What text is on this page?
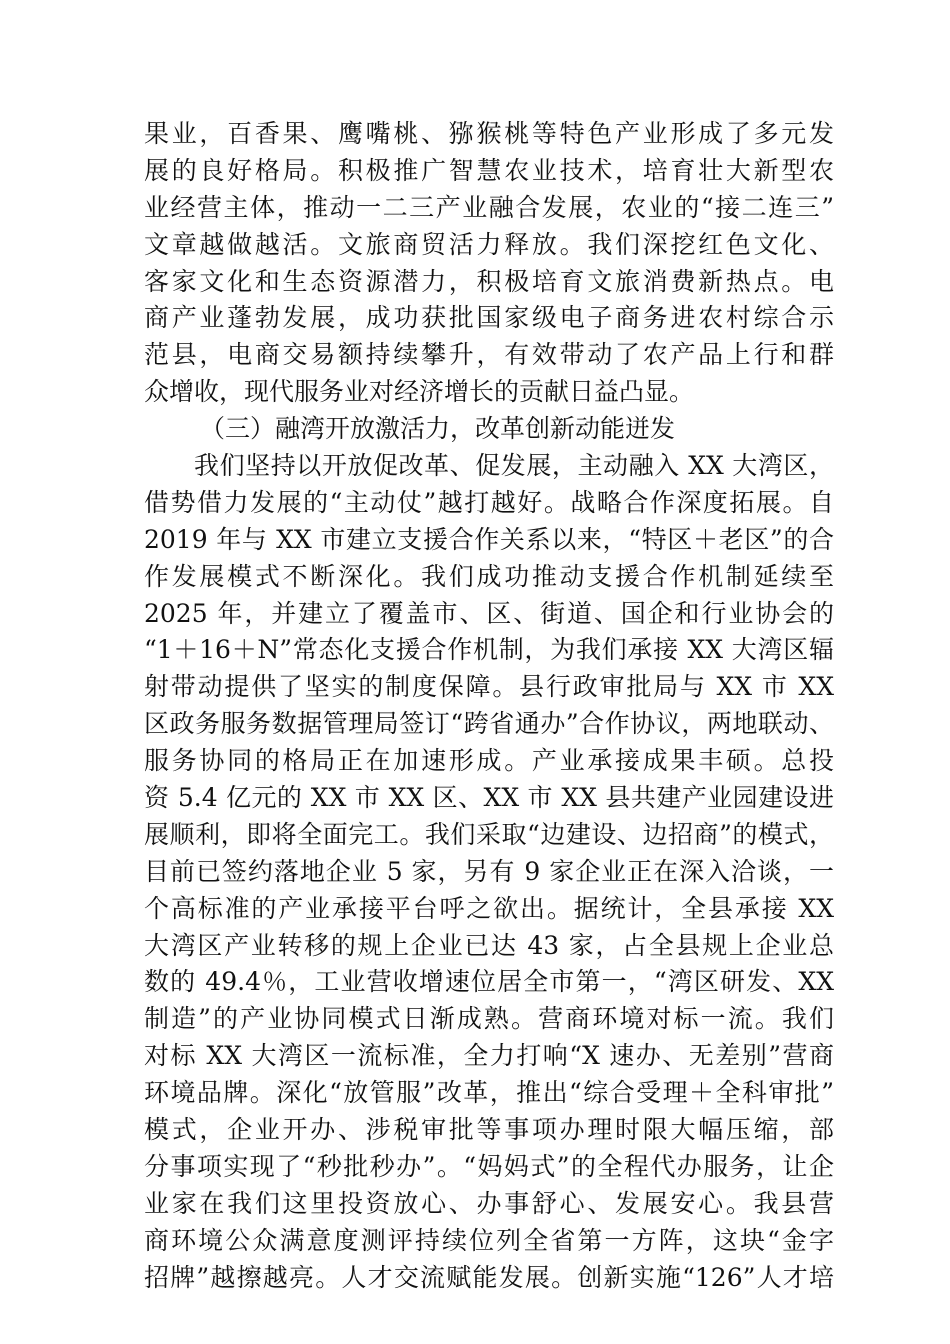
果业，百香果、鹰嘴桃、猕猴桃等特色产业形成了多元发
展的良好格局。积极推广智慧农业技术，培育壮大新型农
业经营主体，推动一二三产业融合发展，农业的“接二连三”
文章越做越活。文旅商贸活力释放。我们深挖红色文化、
客家文化和生态资源潜力，积极培育文旅消费新热点。电
商产业蓬勃发展，成功获批国家级电子商务进农村综合示
范县，电商交易额持续攀升，有效带动了农产品上行和群
众增收，现代服务业对经济增长的贡献日益凸显。
（三）融湾开放激活力，改革创新动能迸发
我们坚持以开放促改革、促发展，主动融入 XX 大湾区，
借势借力发展的“主动仗”越打越好。战略合作深度拓展。自
2019 年与 XX 市建立支援合作关系以来，“特区＋老区”的合
作发展模式不断深化。我们成功推动支援合作机制延续至
2025 年，并建立了覆盖市、区、街道、国企和行业协会的
“1＋16＋N”常态化支援合作机制，为我们承接 XX 大湾区辐
射带动提供了坚实的制度保障。县行政审批局与 XX 市 XX
区政务服务数据管理局签订“跨省通办”合作协议，两地联动、
服务协同的格局正在加速形成。产业承接成果丰硕。总投
资 5.4 亿元的 XX 市 XX 区、XX 市 XX 县共建产业园建设进
展顺利，即将全面完工。我们采取“边建设、边招商”的模式，
目前已签约落地企业 5 家，另有 9 家企业正在深入洽谈，一
个高标准的产业承接平台呼之欲出。据统计，全县承接 XX
大湾区产业转移的规上企业已达 43 家，占全县规上企业总
数的 49.4％，工业营收增速位居全市第一，“湾区研发、XX
制造”的产业协同模式日渐成熟。营商环境对标一流。我们
对标 XX 大湾区一流标准，全力打响“X 速办、无差别”营商
环境品牌。深化“放管服”改革，推出“综合受理＋全科审批”
模式，企业开办、涉税审批等事项办理时限大幅压缩，部
分事项实现了“秒批秒办”。“妈妈式”的全程代办服务，让企
业家在我们这里投资放心、办事舒心、发展安心。我县营
商环境公众满意度测评持续位列全省第一方阵，这块“金字
招牌”越擦越亮。人才交流赋能发展。创新实施“126”人才培
